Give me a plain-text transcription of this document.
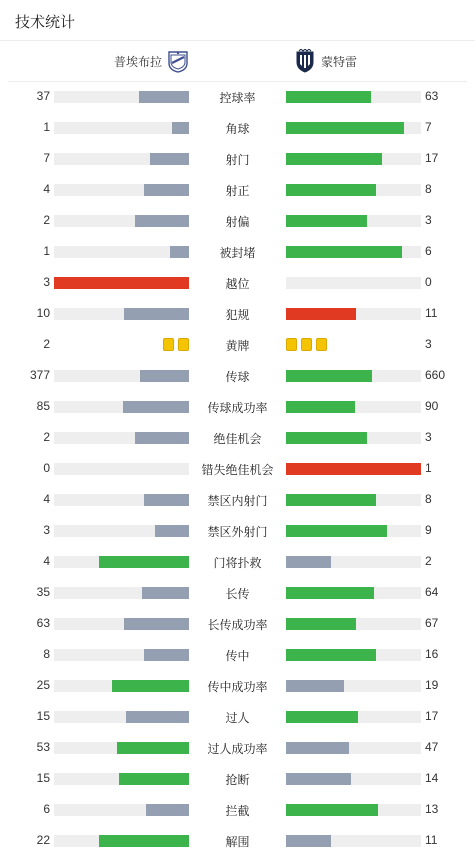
技术统计
普埃布拉	蒙特雷
37	控球率	63
1	角球	7
7	射门	17
4	射正	8
2	射偏	3
1	被封堵	6
3	越位	0
10	犯规	11
2	黄牌	3
377	传球	660
85	传球成功率	90
2	绝佳机会	3
0	错失绝佳机会	1
4	禁区内射门	8
3	禁区外射门	9
4	门将扑救	2
35	长传	64
63	长传成功率	67
8	传中	16
25	传中成功率	19
15	过人	17
53	过人成功率	47
15	抢断	14
6	拦截	13
22	解围	11
